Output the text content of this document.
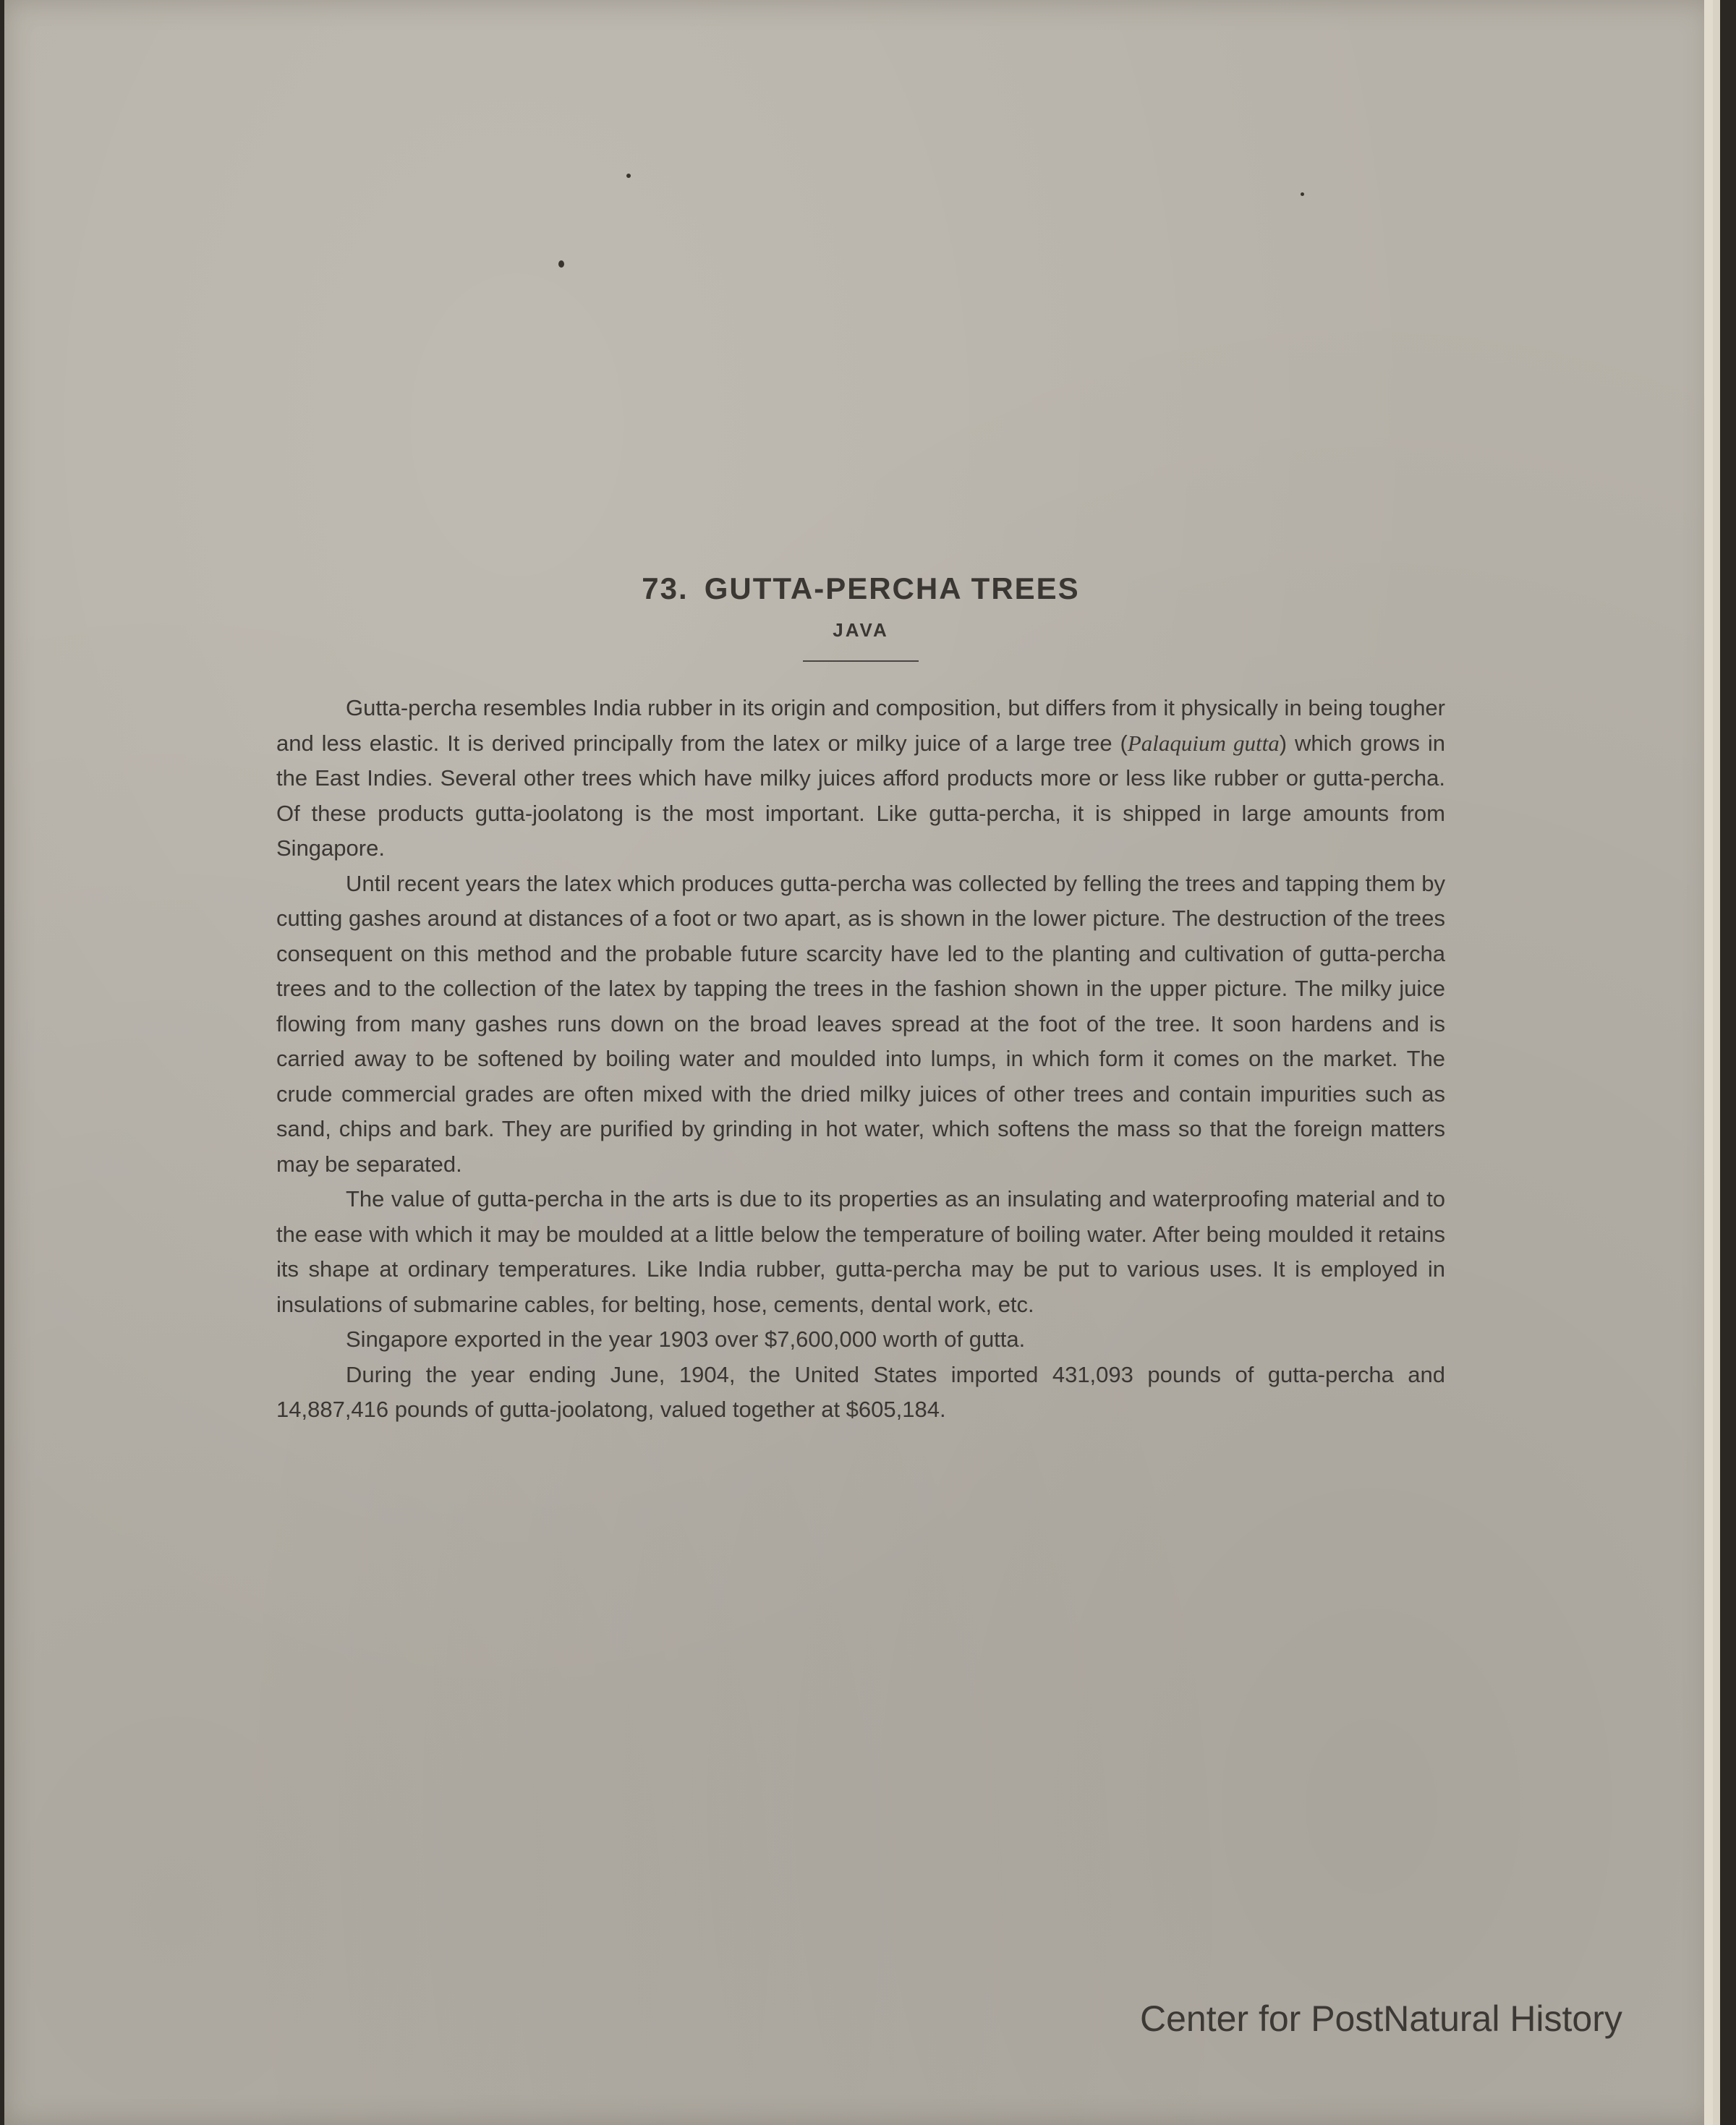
73. GUTTA-PERCHA TREES

JAVA

Gutta-percha resembles India rubber in its origin and composition, but differs from it physically in being tougher and less elastic. It is derived principally from the latex or milky juice of a large tree (Palaquium gutta) which grows in the East Indies. Several other trees which have milky juices afford products more or less like rubber or gutta-percha. Of these products gutta-joolatong is the most important. Like gutta-percha, it is shipped in large amounts from Singapore.

Until recent years the latex which produces gutta-percha was collected by felling the trees and tapping them by cutting gashes around at distances of a foot or two apart, as is shown in the lower picture. The destruction of the trees consequent on this method and the probable future scarcity have led to the planting and cultivation of gutta-percha trees and to the collection of the latex by tapping the trees in the fashion shown in the upper picture. The milky juice flowing from many gashes runs down on the broad leaves spread at the foot of the tree. It soon hardens and is carried away to be softened by boiling water and moulded into lumps, in which form it comes on the market. The crude commercial grades are often mixed with the dried milky juices of other trees and contain impurities such as sand, chips and bark. They are purified by grinding in hot water, which softens the mass so that the foreign matters may be separated.

The value of gutta-percha in the arts is due to its properties as an insulating and waterproofing material and to the ease with which it may be moulded at a little below the temperature of boiling water. After being moulded it retains its shape at ordinary temperatures. Like India rubber, gutta-percha may be put to various uses. It is employed in insulations of submarine cables, for belting, hose, cements, dental work, etc.

Singapore exported in the year 1903 over $7,600,000 worth of gutta.

During the year ending June, 1904, the United States imported 431,093 pounds of gutta-percha and 14,887,416 pounds of gutta-joolatong, valued together at $605,184.

Center for PostNatural History
